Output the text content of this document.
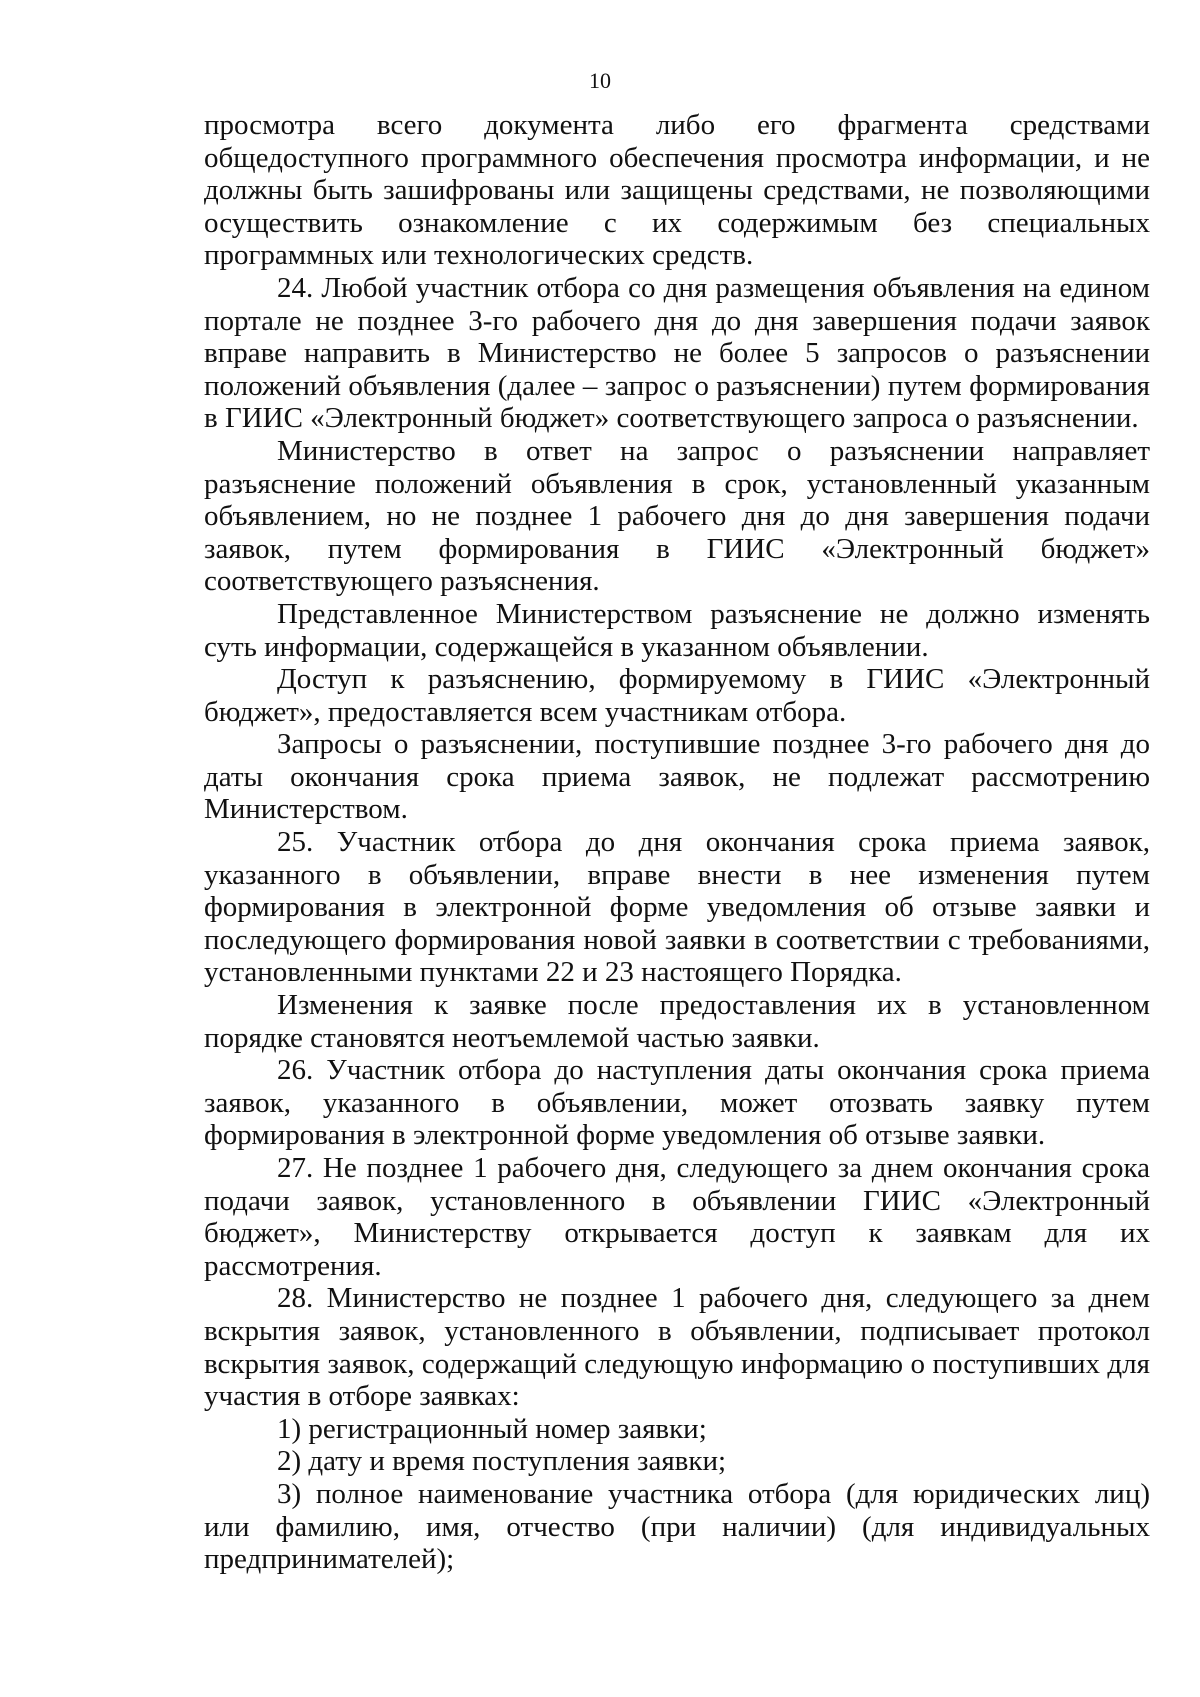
10

просмотра всего документа либо его фрагмента средствами общедоступного программного обеспечения просмотра информации, и не должны быть зашифрованы или защищены средствами, не позволяющими осуществить ознакомление с их содержимым без специальных программных или технологических средств.

24. Любой участник отбора со дня размещения объявления на едином портале не позднее 3-го рабочего дня до дня завершения подачи заявок вправе направить в Министерство не более 5 запросов о разъяснении положений объявления (далее – запрос о разъяснении) путем формирования в ГИИС «Электронный бюджет» соответствующего запроса о разъяснении.

Министерство в ответ на запрос о разъяснении направляет разъяснение положений объявления в срок, установленный указанным объявлением, но не позднее 1 рабочего дня до дня завершения подачи заявок, путем формирования в ГИИС «Электронный бюджет» соответствующего разъяснения.

Представленное Министерством разъяснение не должно изменять суть информации, содержащейся в указанном объявлении.

Доступ к разъяснению, формируемому в ГИИС «Электронный бюджет», предоставляется всем участникам отбора.

Запросы о разъяснении, поступившие позднее 3-го рабочего дня до даты окончания срока приема заявок, не подлежат рассмотрению Министерством.

25. Участник отбора до дня окончания срока приема заявок, указанного в объявлении, вправе внести в нее изменения путем формирования в электронной форме уведомления об отзыве заявки и последующего формирования новой заявки в соответствии с требованиями, установленными пунктами 22 и 23 настоящего Порядка.

Изменения к заявке после предоставления их в установленном порядке становятся неотъемлемой частью заявки.

26. Участник отбора до наступления даты окончания срока приема заявок, указанного в объявлении, может отозвать заявку путем формирования в электронной форме уведомления об отзыве заявки.

27. Не позднее 1 рабочего дня, следующего за днем окончания срока подачи заявок, установленного в объявлении ГИИС «Электронный бюджет», Министерству открывается доступ к заявкам для их рассмотрения.

28. Министерство не позднее 1 рабочего дня, следующего за днем вскрытия заявок, установленного в объявлении, подписывает протокол вскрытия заявок, содержащий следующую информацию о поступивших для участия в отборе заявках:

1) регистрационный номер заявки;

2) дату и время поступления заявки;

3) полное наименование участника отбора (для юридических лиц) или фамилию, имя, отчество (при наличии) (для индивидуальных предпринимателей);
